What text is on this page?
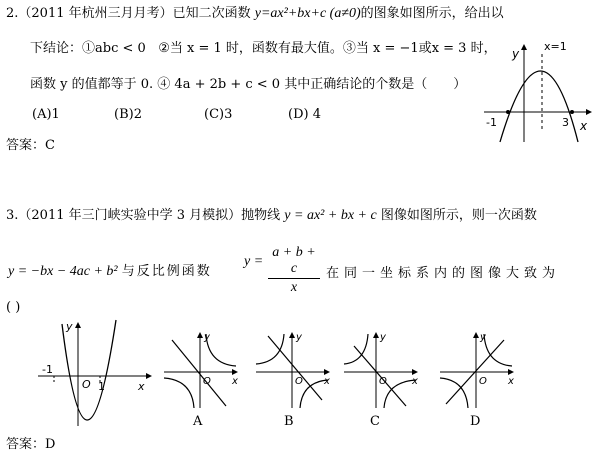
2.（2011 年杭州三月月考）已知二次函数 y=ax²+bx+c (a≠0)的图象如图所示，给出以
下结论：①abc < 0 ②当 x = 1 时，函数有最大值。③当 x = −1或x = 3 时，
函数 y 的值都等于 0. ④ 4a + 2b + c < 0 其中正确结论的个数是（　　）
(A)1	(B)2	(C)3	(D) 4
答案：C
y
x=1
x
-1	3
3.（2011 年三门峡实验中学 3 月模拟）抛物线 y = ax² + bx + c 图像如图所示，则一次函数
y = −bx − 4ac + b² 与反比例函数
y =
a + b + c
x
在同一坐标系内的图像大致为
( )
y
x
-1
O 1
y
x
O
A
y
x
O
B
y
x
O
C
y
x
O
D
答案：D
